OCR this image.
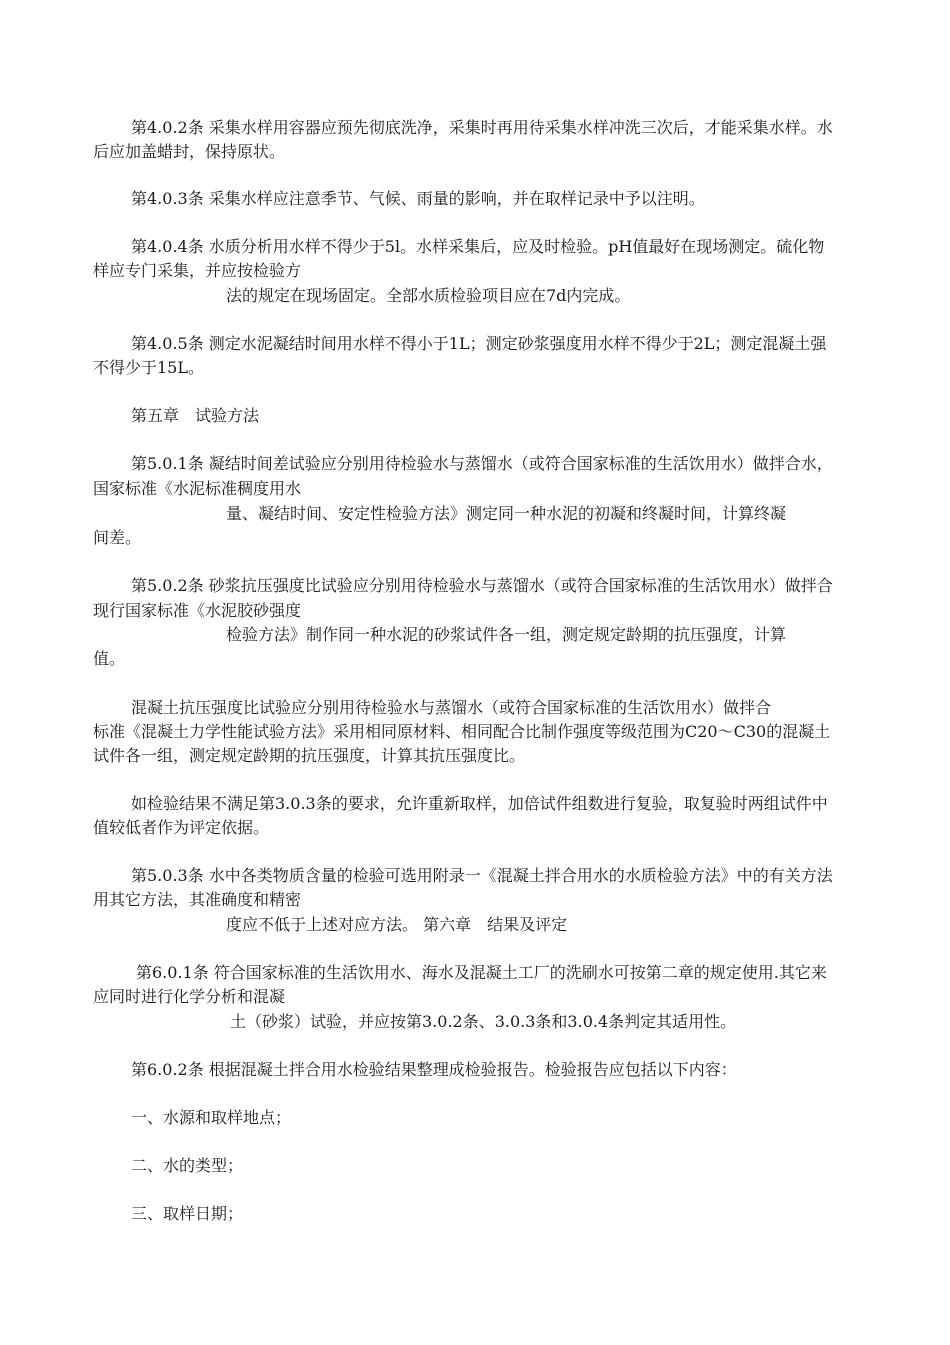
第4.0.2条 采集水样用容器应预先彻底洗净，采集时再用待采集水样冲洗三次后，才能采集水样。水
后应加盖蜡封，保持原状。
第4.0.3条 采集水样应注意季节、气候、雨量的影响，并在取样记录中予以注明。
第4.0.4条 水质分析用水样不得少于5l。水样采集后，应及时检验。pH值最好在现场测定。硫化物
样应专门采集，并应按检验方
法的规定在现场固定。全部水质检验项目应在7d内完成。
第4.0.5条 测定水泥凝结时间用水样不得小于1L；测定砂浆强度用水样不得少于2L；测定混凝土强
不得少于15L。
第五章　试验方法
第5.0.1条 凝结时间差试验应分别用待检验水与蒸馏水（或符合国家标准的生活饮用水）做拌合水，
国家标准《水泥标准稠度用水
量、凝结时间、安定性检验方法》测定同一种水泥的初凝和终凝时间，计算终凝
间差。
第5.0.2条 砂浆抗压强度比试验应分别用待检验水与蒸馏水（或符合国家标准的生活饮用水）做拌合
现行国家标准《水泥胶砂强度
检验方法》制作同一种水泥的砂浆试件各一组，测定规定龄期的抗压强度，计算
值。
混凝土抗压强度比试验应分别用待检验水与蒸馏水（或符合国家标准的生活饮用水）做拌合
标准《混凝土力学性能试验方法》采用相同原材料、相同配合比制作强度等级范围为C20～C30的混凝土
试件各一组，测定规定龄期的抗压强度，计算其抗压强度比。
如检验结果不满足第3.0.3条的要求，允许重新取样，加倍试件组数进行复验，取复验时两组试件中
值较低者作为评定依据。
第5.0.3条 水中各类物质含量的检验可选用附录一《混凝土拌合用水的水质检验方法》中的有关方法
用其它方法，其准确度和精密
度应不低于上述对应方法。 第六章　结果及评定
第6.0.1条 符合国家标准的生活饮用水、海水及混凝土工厂的洗刷水可按第二章的规定使用.其它来
应同时进行化学分析和混凝
土（砂浆）试验，并应按第3.0.2条、3.0.3条和3.0.4条判定其适用性。
第6.0.2条 根据混凝土拌合用水检验结果整理成检验报告。检验报告应包括以下内容：
一、水源和取样地点；
二、水的类型；
三、取样日期；
